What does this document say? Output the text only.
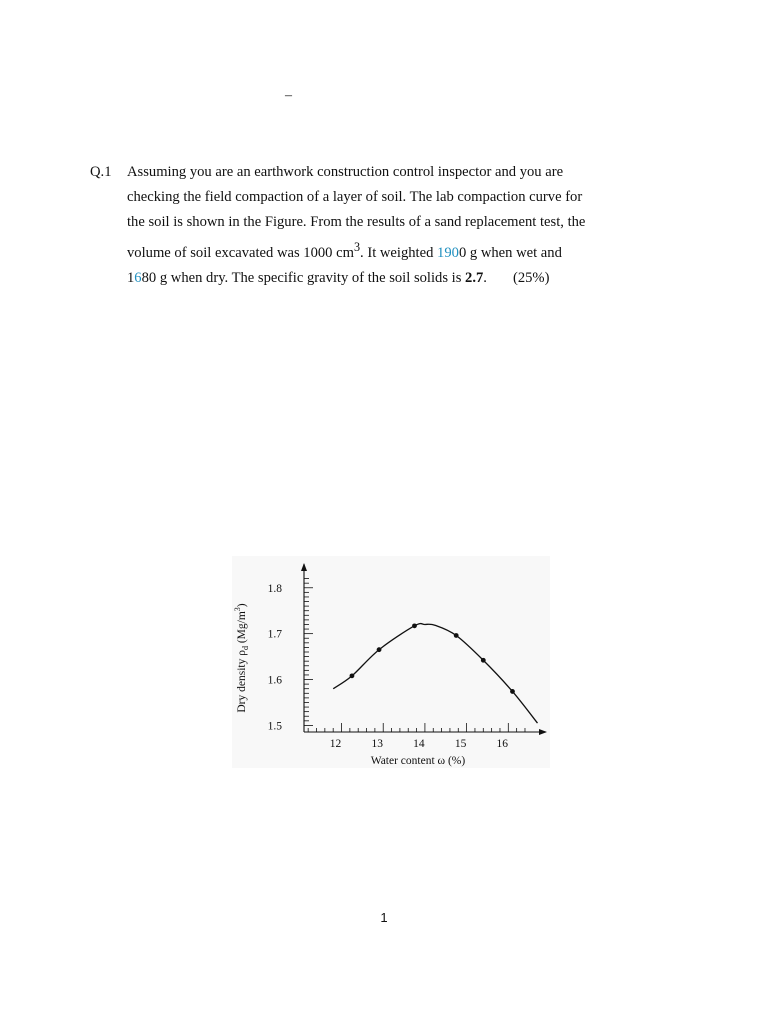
–
Q.1 Assuming you are an earthwork construction control inspector and you are
checking the field compaction of a layer of soil. The lab compaction curve for
the soil is shown in the Figure. From the results of a sand replacement test, the
volume of soil excavated was 1000 $cm^3$. It weighted 1900 g when wet and
1680 g when dry. The specific gravity of the soil solids is 2.7. (25%)
12	13	14	15	16
1.5
1.6
1.7
1.8
Water content ω (%)
Dry density $\rho_d$ $(Mg/m^3)$
1
